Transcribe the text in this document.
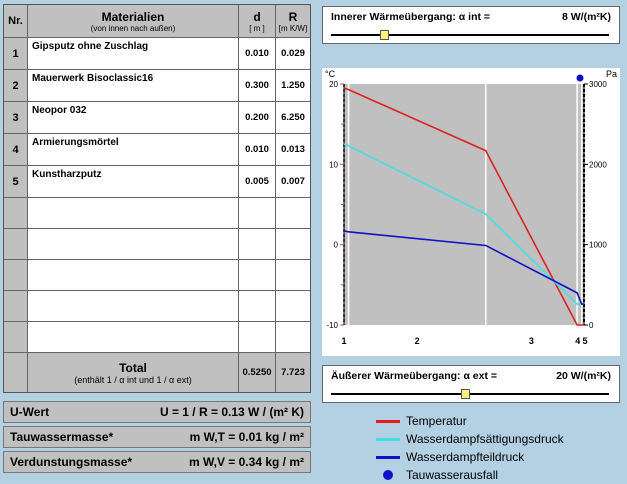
Nr.	Materialien
(von innen nach außen)
d
[ m ]
R
[m K/W]
1
Gipsputz ohne Zuschlag
0.010	0.029
2
Mauerwerk Bisoclassic16
0.300	1.250
3
Neopor 032
0.200	6.250
4
Armierungsmörtel
0.010	0.013
5
Kunstharzputz
0.005	0.007
Total
(enthält 1 / α int und 1 / α ext)
0.5250	7.723
U-Wert	U = 1 / R = 0.13 W / (m² K)
Tauwassermasse*	m W,T = 0.01 kg / m²
Verdunstungsmasse*	m W,V = 0.34 kg / m²
Innerer Wärmeübergang: α int =	8 W/(m²K)
Äußerer Wärmeübergang: α ext =	20 W/(m²K)
20
10
0
-10
3000
2000
1000
0
°C	Pa
1	2	3	4 5
Temperatur
Wasserdampfsättigungsdruck
Wasserdampfteildruck
Tauwasserausfall
